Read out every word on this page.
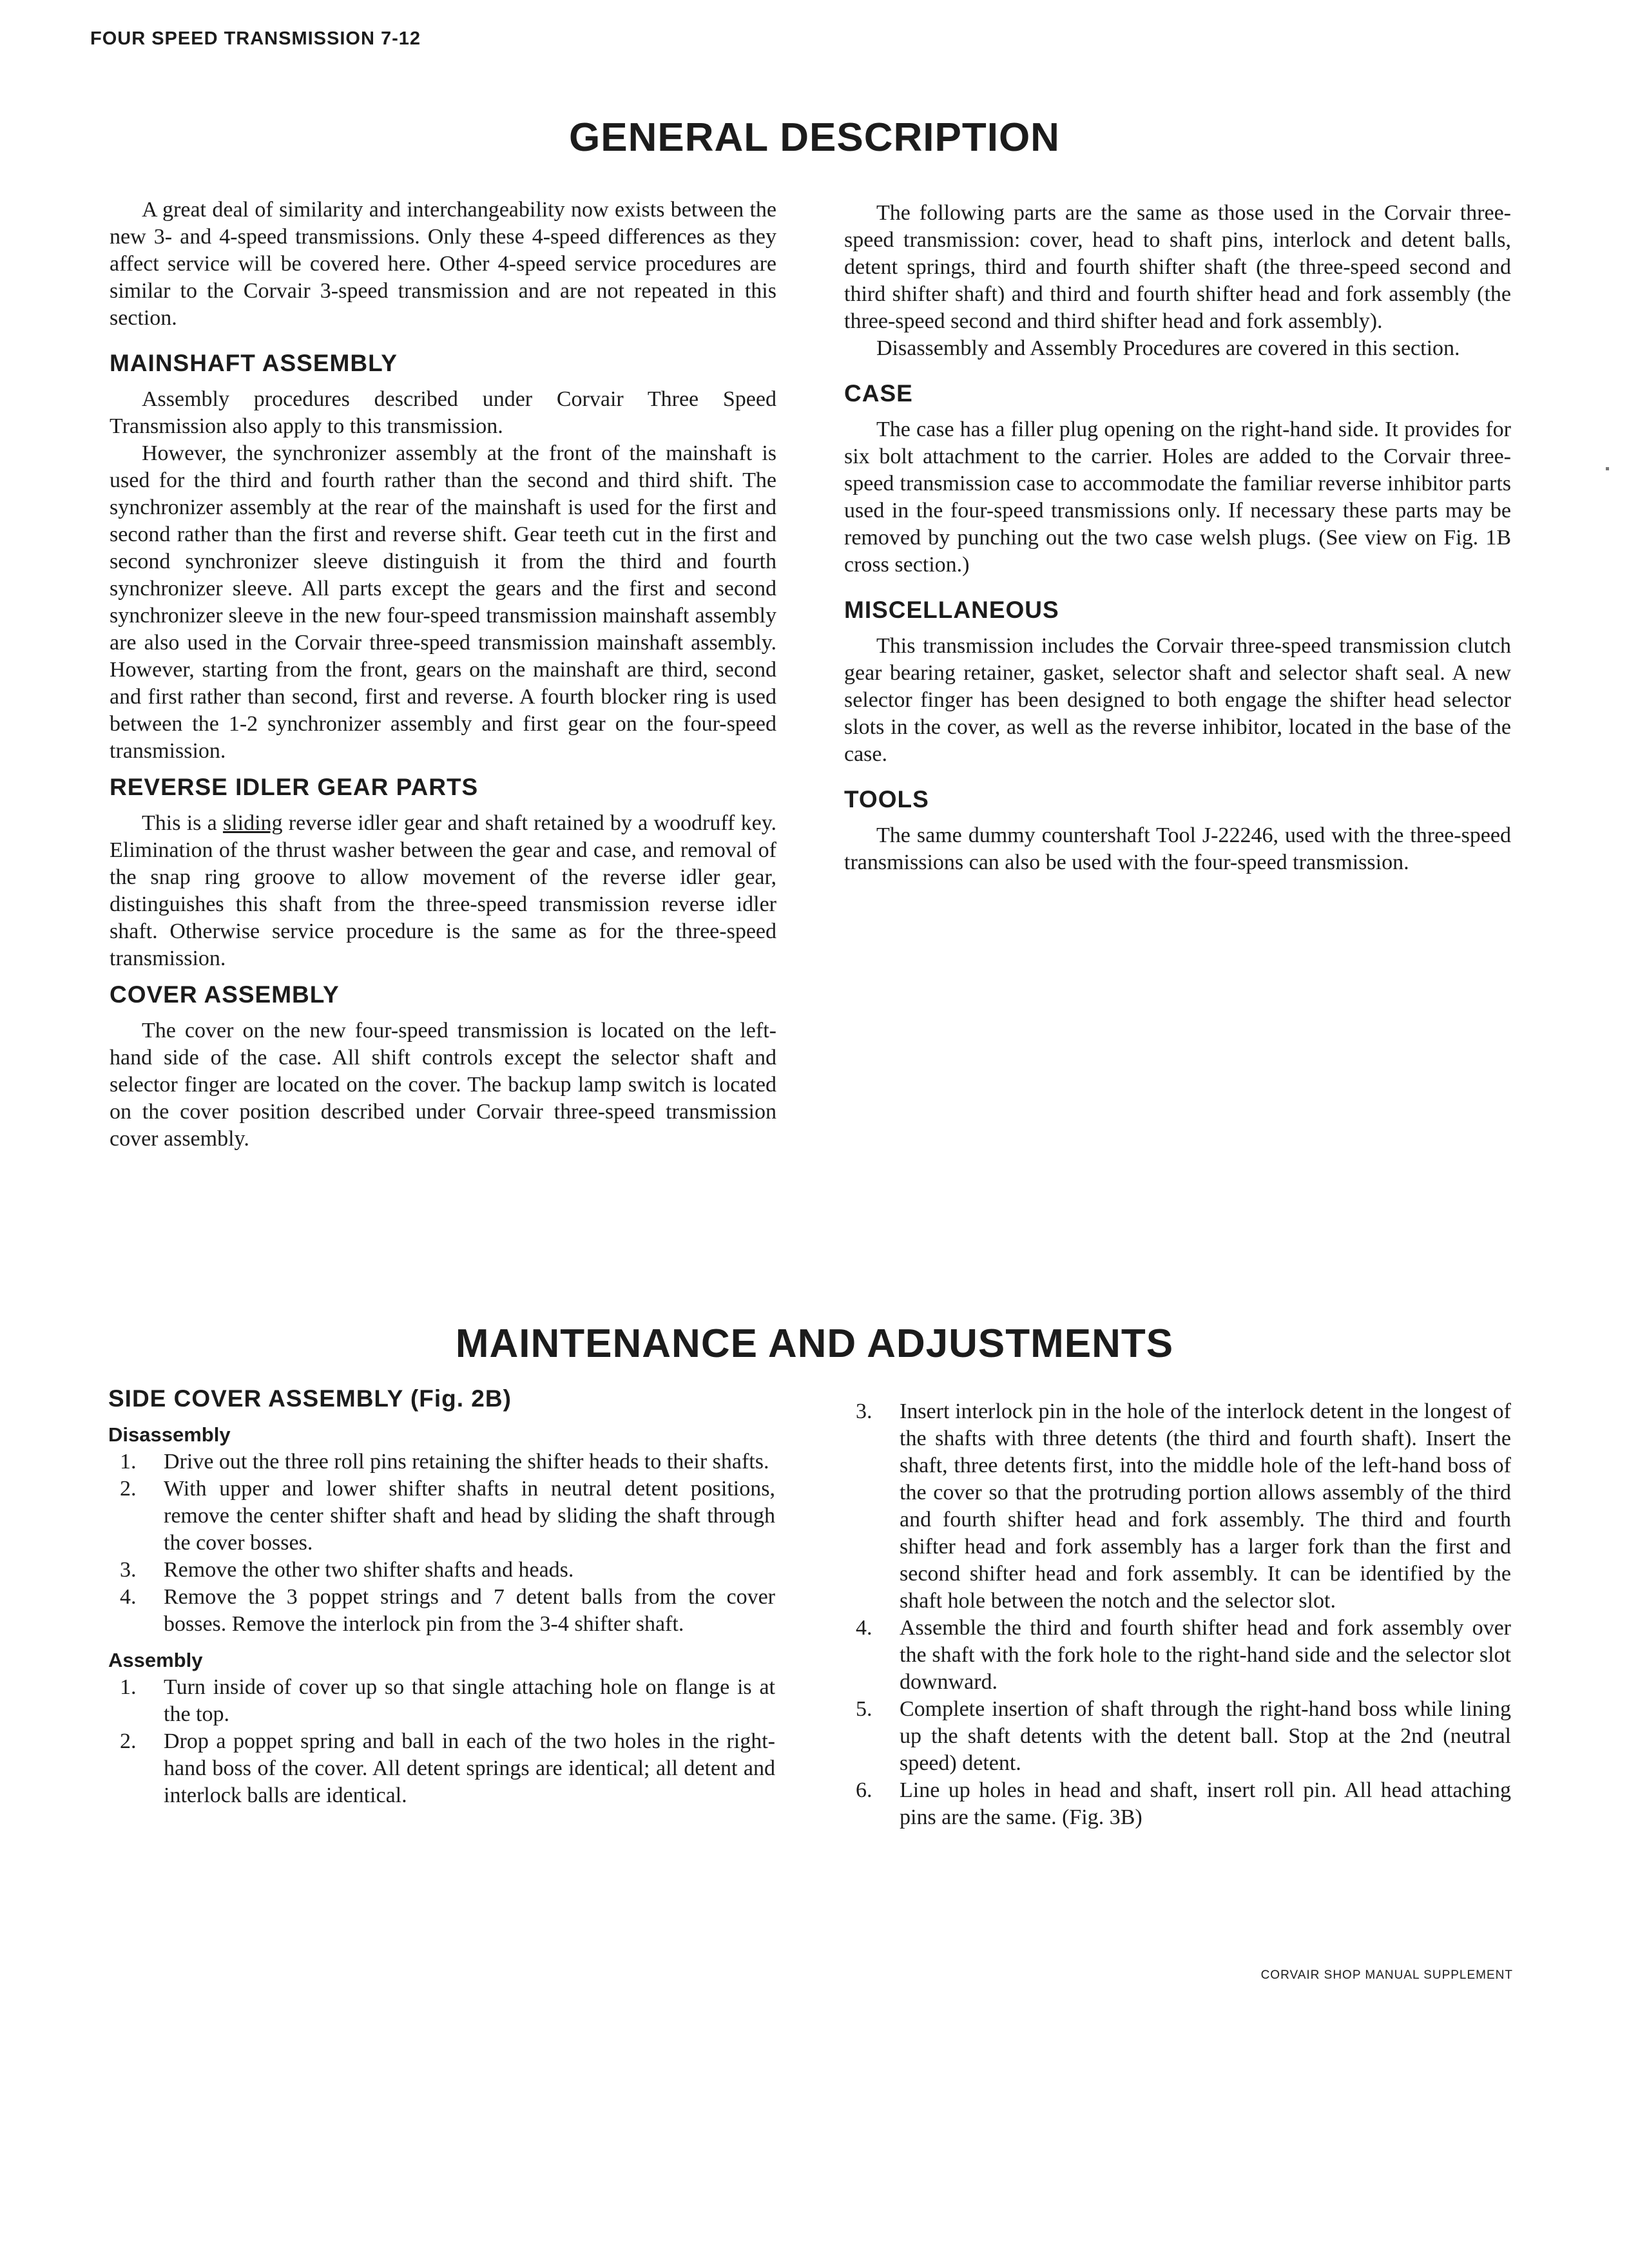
FOUR SPEED TRANSMISSION 7-12
GENERAL DESCRIPTION

A great deal of similarity and interchangeability now exists between the new 3- and 4-speed transmissions. Only these 4-speed differences as they affect service will be covered here. Other 4-speed service procedures are similar to the Corvair 3-speed transmission and are not repeated in this section.

MAINSHAFT ASSEMBLY

Assembly procedures described under Corvair Three Speed Transmission also apply to this transmission.

However, the synchronizer assembly at the front of the mainshaft is used for the third and fourth rather than the second and third shift. The synchronizer assembly at the rear of the mainshaft is used for the first and second rather than the first and reverse shift. Gear teeth cut in the first and second synchronizer sleeve distinguish it from the third and fourth synchronizer sleeve. All parts except the gears and the first and second synchronizer sleeve in the new four-speed transmission mainshaft assembly are also used in the Corvair three-speed transmission mainshaft assembly. However, starting from the front, gears on the mainshaft are third, second and first rather than second, first and reverse. A fourth blocker ring is used between the 1-2 synchronizer assembly and first gear on the four-speed transmission.

REVERSE IDLER GEAR PARTS

This is a sliding reverse idler gear and shaft retained by a woodruff key. Elimination of the thrust washer between the gear and case, and removal of the snap ring groove to allow movement of the reverse idler gear, distinguishes this shaft from the three-speed transmission reverse idler shaft. Otherwise service procedure is the same as for the three-speed transmission.

COVER ASSEMBLY

The cover on the new four-speed transmission is located on the left-hand side of the case. All shift controls except the selector shaft and selector finger are located on the cover. The backup lamp switch is located on the cover position described under Corvair three-speed transmission cover assembly.

The following parts are the same as those used in the Corvair three-speed transmission: cover, head to shaft pins, interlock and detent balls, detent springs, third and fourth shifter shaft (the three-speed second and third shifter shaft) and third and fourth shifter head and fork assembly (the three-speed second and third shifter head and fork assembly).

Disassembly and Assembly Procedures are covered in this section.

CASE

The case has a filler plug opening on the right-hand side. It provides for six bolt attachment to the carrier. Holes are added to the Corvair three-speed transmission case to accommodate the familiar reverse inhibitor parts used in the four-speed transmissions only. If necessary these parts may be removed by punching out the two case welsh plugs. (See view on Fig. 1B cross section.)

MISCELLANEOUS

This transmission includes the Corvair three-speed transmission clutch gear bearing retainer, gasket, selector shaft and selector shaft seal. A new selector finger has been designed to both engage the shifter head selector slots in the cover, as well as the reverse inhibitor, located in the base of the case.

TOOLS

The same dummy countershaft Tool J-22246, used with the three-speed transmissions can also be used with the four-speed transmission.

MAINTENANCE AND ADJUSTMENTS
SIDE COVER ASSEMBLY (Fig. 2B)
Disassembly
1. Drive out the three roll pins retaining the shifter heads to their shafts.
2. With upper and lower shifter shafts in neutral detent positions, remove the center shifter shaft and head by sliding the shaft through the cover bosses.
3. Remove the other two shifter shafts and heads.
4. Remove the 3 poppet strings and 7 detent balls from the cover bosses. Remove the interlock pin from the 3-4 shifter shaft.
Assembly
1. Turn inside of cover up so that single attaching hole on flange is at the top.
2. Drop a poppet spring and ball in each of the two holes in the right-hand boss of the cover. All detent springs are identical; all detent and interlock balls are identical.
3. Insert interlock pin in the hole of the interlock detent in the longest of the shafts with three detents (the third and fourth shaft). Insert the shaft, three detents first, into the middle hole of the left-hand boss of the cover so that the protruding portion allows assembly of the third and fourth shifter head and fork assembly. The third and fourth shifter head and fork assembly has a larger fork than the first and second shifter head and fork assembly. It can be identified by the shaft hole between the notch and the selector slot.
4. Assemble the third and fourth shifter head and fork assembly over the shaft with the fork hole to the right-hand side and the selector slot downward.
5. Complete insertion of shaft through the right-hand boss while lining up the shaft detents with the detent ball. Stop at the 2nd (neutral speed) detent.
6. Line up holes in head and shaft, insert roll pin. All head attaching pins are the same. (Fig. 3B)
CORVAIR SHOP MANUAL SUPPLEMENT
